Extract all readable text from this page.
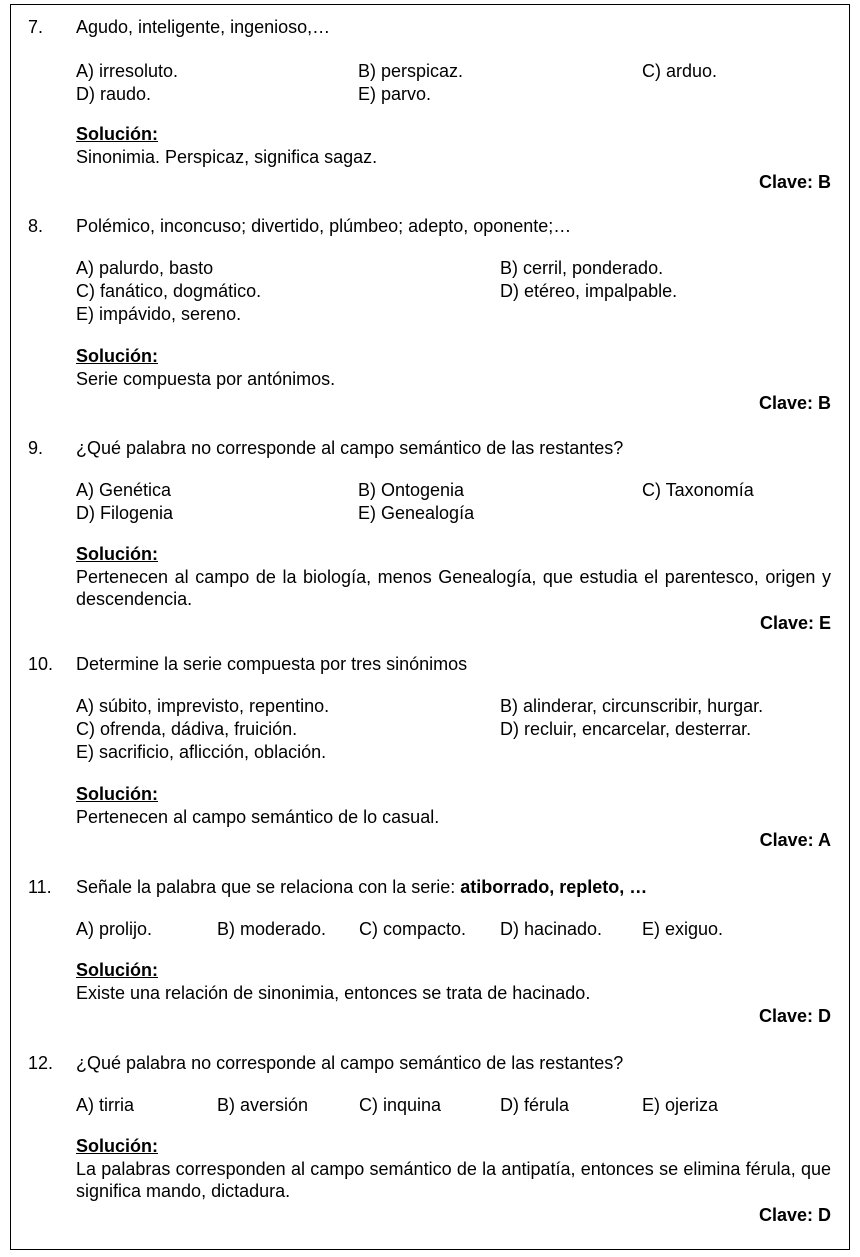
7. Agudo, inteligente, ingenioso,…
A) irresoluto.	B) perspicaz.	C) arduo.
D) raudo.	E) parvo.
Solución:
Sinonimia. Perspicaz, significa sagaz.
Clave: B
8. Polémico, inconcuso; divertido, plúmbeo; adepto, oponente;…
A) palurdo, basto	B) cerril, ponderado.
C) fanático, dogmático.	D) etéreo, impalpable.
E) impávido, sereno.
Solución:
Serie compuesta por antónimos.
Clave: B
9. ¿Qué palabra no corresponde al campo semántico de las restantes?
A) Genética	B) Ontogenia	C) Taxonomía
D) Filogenia	E) Genealogía
Solución:
Pertenecen al campo de la biología, menos Genealogía, que estudia el parentesco, origen y descendencia.
Clave: E
10. Determine la serie compuesta por tres sinónimos
A) súbito, imprevisto, repentino.	B) alinderar, circunscribir, hurgar.
C) ofrenda, dádiva, fruición.	D) recluir, encarcelar, desterrar.
E) sacrificio, aflicción, oblación.
Solución:
Pertenecen al campo semántico de lo casual.
Clave: A
11. Señale la palabra que se relaciona con la serie: atiborrado, repleto, …
A) prolijo.	B) moderado. C) compacto. D) hacinado. E) exiguo.
Solución:
Existe una relación de sinonimia, entonces se trata de hacinado.
Clave: D
12. ¿Qué palabra no corresponde al campo semántico de las restantes?
A) tirria	B) aversión	C) inquina	D) férula	E) ojeriza
Solución:
La palabras corresponden al campo semántico de la antipatía, entonces se elimina férula, que significa mando, dictadura.
Clave: D
